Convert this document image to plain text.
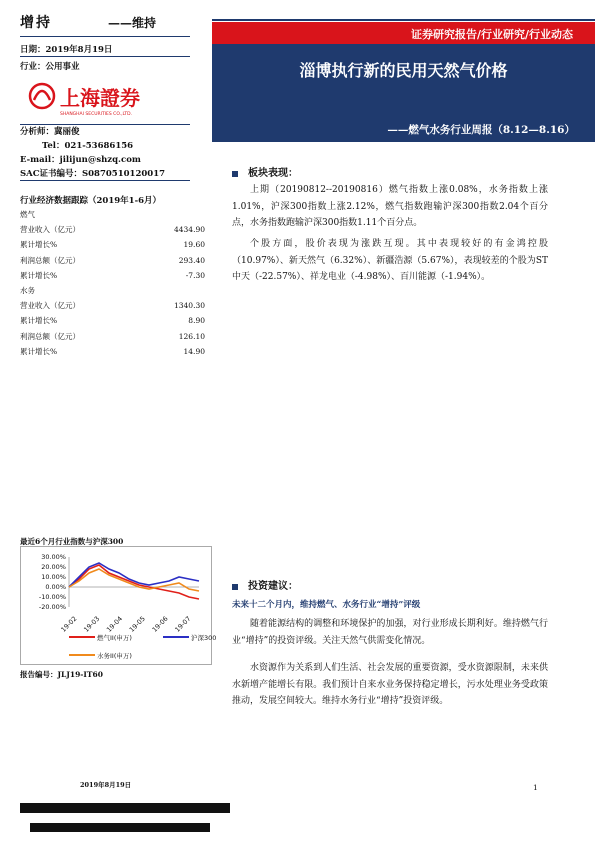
增持	——维持
日期：2019年8月19日
行业：公用事业
上海證券
SHANGHAI SECURITIES CO.,LTD.
分析师：冀丽俊
Tel：021-53686156
E-mail：jilijun@shzq.com
SAC证书编号：S0870510120017
证券研究报告/行业研究/行业动态
淄博执行新的民用天然气价格
——燃气水务行业周报（8.12—8.16）
行业经济数据跟踪（2019年1-6月）
燃气
营业收入（亿元）	4434.90
累计增长%	19.60
利润总额（亿元）	293.40
累计增长%	-7.30
水务
营业收入（亿元）	1340.30
累计增长%	8.90
利润总额（亿元）	126.10
累计增长%	14.90
最近6个月行业指数与沪深300
30.00%
20.00%
10.00%
0.00%
-10.00%
-20.00%
19-02 19-03 19-04 19-05 19-06 19-07
燃气II(申万)	沪深300
水务II(申万)
报告编号：JLJ19-IT60
板块表现：
上期（20190812--20190816）燃气指数上涨0.08%，水务指数上涨1.01%，沪深300指数上涨2.12%，燃气指数跑输沪深300指数2.04个百分点，水务指数跑输沪深300指数1.11个百分点。
个股方面，股价表现为涨跌互现。其中表现较好的有金鸿控股（10.97%）、新天然气（6.32%）、新疆浩源（5.67%），表现较差的个股为ST中天（-22.57%）、祥龙电业（-4.98%）、百川能源（-1.94%）。
投资建议：
未来十二个月内，维持燃气、水务行业“增持”评级
随着能源结构的调整和环境保护的加强，对行业形成长期利好。维持燃气行业“增持”的投资评级。关注天然气供需变化情况。
水资源作为关系到人们生活、社会发展的重要资源，受水资源限制，未来供水新增产能增长有限。我们预计自来水业务保持稳定增长，污水处理业务受政策推动，发展空间较大。维持水务行业“增持”投资评级。
2019年8月19日	1
